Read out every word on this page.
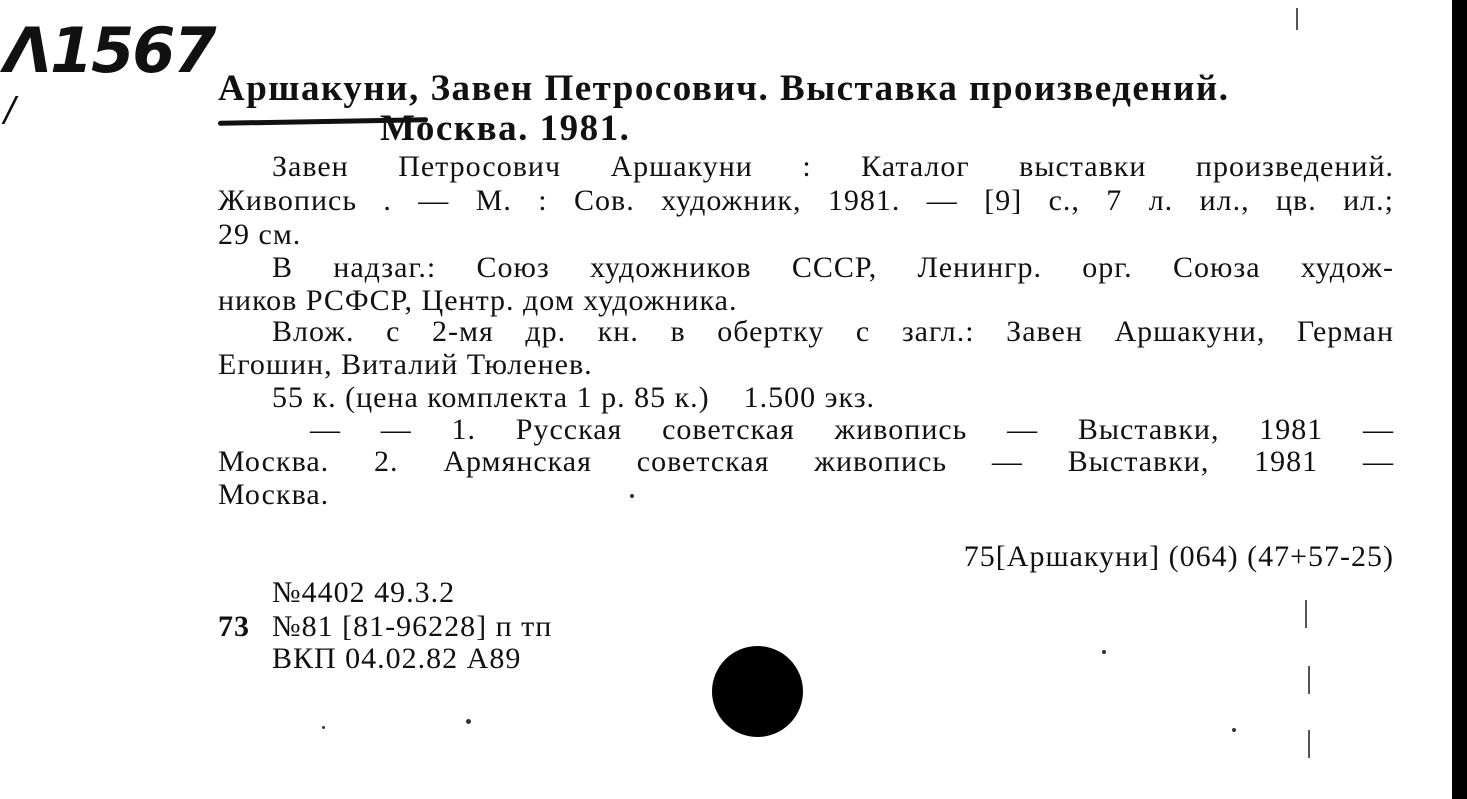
Λ1567
/
Аршакуни, Завен Петросович. Выставка произведений.
Москва. 1981.
Завен Петросович Аршакуни : Каталог выставки произведений.
Живопись . — М. : Сов. художник, 1981. — [9] с., 7 л. ил., цв. ил.;
29 см.
В надзаг.: Союз художников СССР, Ленингр. орг. Союза худож-
ников РСФСР, Центр. дом художника.
Влож. с 2-мя др. кн. в обертку с загл.: Завен Аршакуни, Герман
Егошин, Виталий Тюленев.
55 к. (цена комплекта 1 р. 85 к.)    1.500 экз.
— — 1. Русская советская живопись — Выставки, 1981 —
Москва. 2. Армянская советская живопись — Выставки, 1981 —
Москва.
75[Аршакуни] (064) (47+57-25)
№4402 49.3.2
73 №81 [81-96228] п тп
ВКП 04.02.82 А89
